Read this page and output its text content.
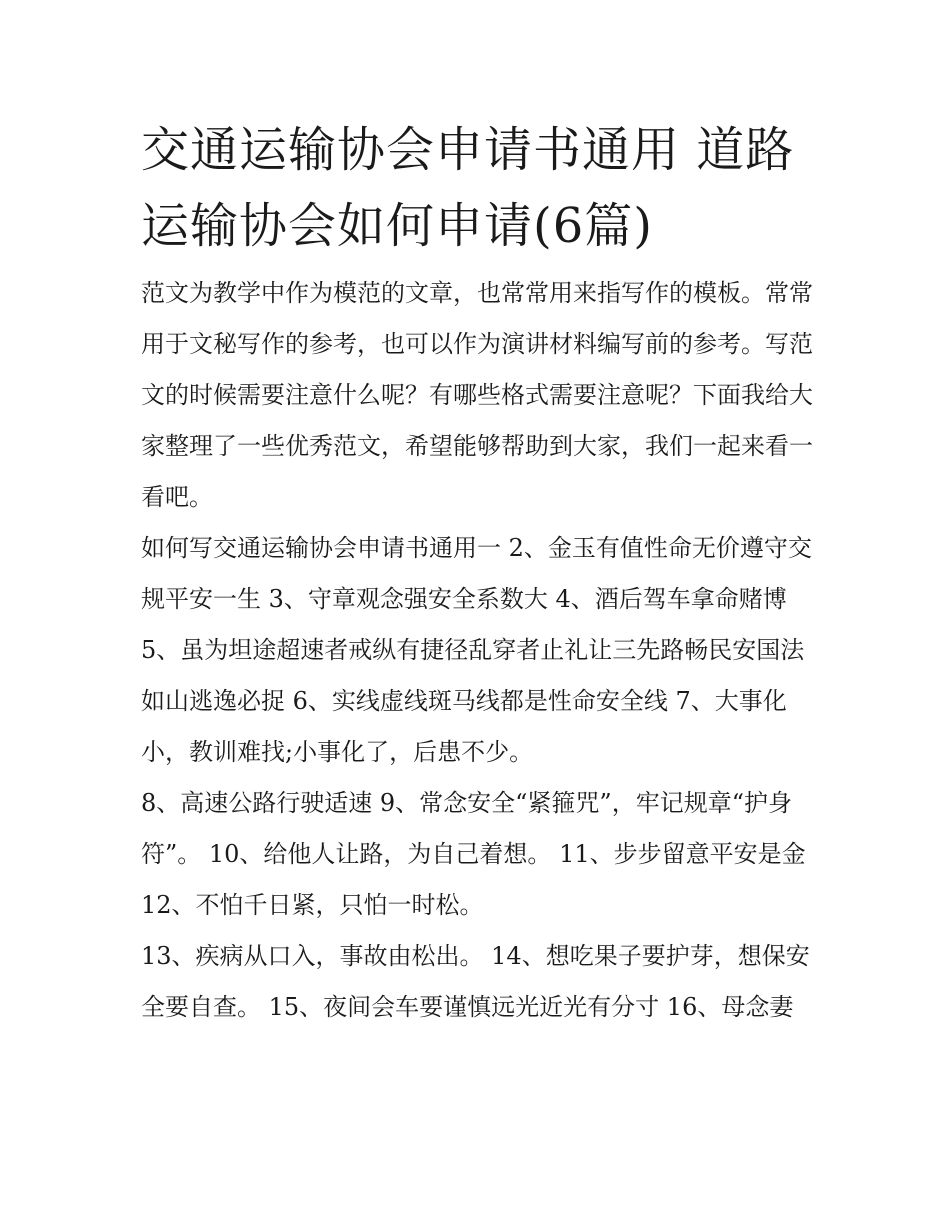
交通运输协会申请书通用 道路运输协会如何申请(6篇)

范文为教学中作为模范的文章，也常常用来指写作的模板。常常用于文秘写作的参考，也可以作为演讲材料编写前的参考。写范文的时候需要注意什么呢？有哪些格式需要注意呢？下面我给大家整理了一些优秀范文，希望能够帮助到大家，我们一起来看一看吧。

如何写交通运输协会申请书通用一 2、金玉有值性命无价遵守交规平安一生 3、守章观念强安全系数大 4、酒后驾车拿命赌博

5、虽为坦途超速者戒纵有捷径乱穿者止礼让三先路畅民安国法如山逃逸必捉 6、实线虚线斑马线都是性命安全线 7、大事化小，教训难找;小事化了，后患不少。

8、高速公路行驶适速 9、常念安全“紧箍咒”，牢记规章“护身符”。 10、给他人让路，为自己着想。 11、步步留意平安是金 12、不怕千日紧，只怕一时松。

13、疾病从口入，事故由松出。 14、想吃果子要护芽，想保安全要自查。 15、夜间会车要谨慎远光近光有分寸 16、母念妻
